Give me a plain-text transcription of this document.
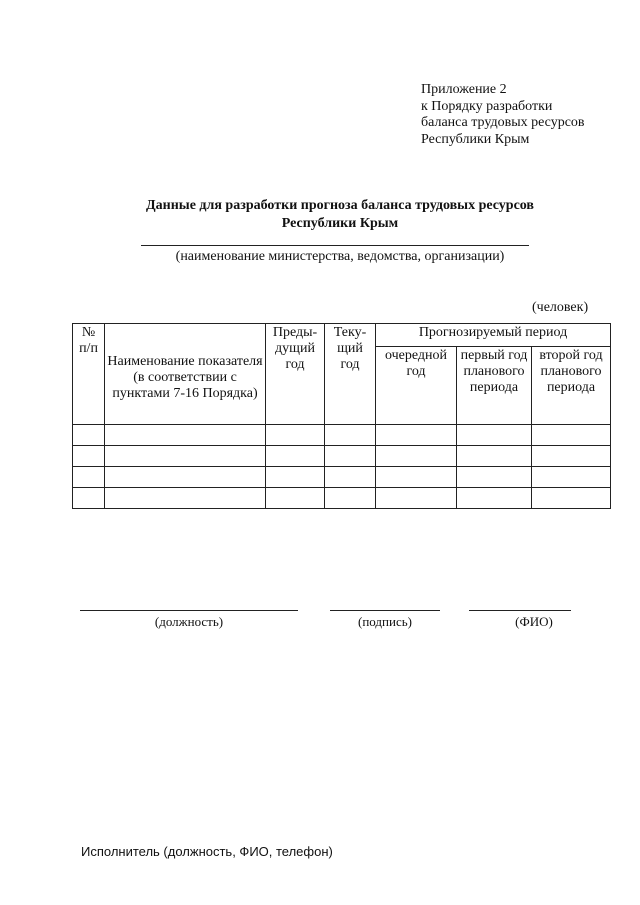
Приложение 2
к Порядку разработки
баланса трудовых ресурсов
Республики Крым
Данные для разработки прогноза баланса трудовых ресурсов
Республики Крым
(наименование министерства, ведомства, организации)
(человек)
№ п/п	Наименование показателя (в соответствии с пунктами 7-16 Порядка)	Преды-дущий год	Теку-щий год	Прогнозируемый период		
				очередной год	первый год планового периода	второй год планового периода

(должность)	(подпись)	(ФИО)
Исполнитель (должность, ФИО, телефон)
